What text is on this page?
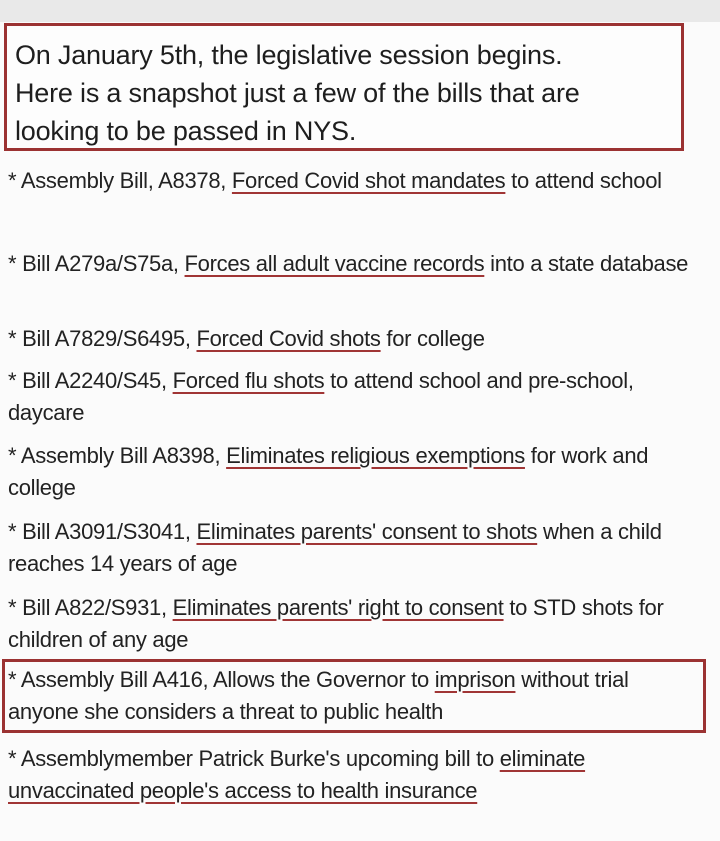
On January 5th, the legislative session begins.
Here is a snapshot just a few of the bills that are
looking to be passed in NYS.
* Assembly Bill, A8378, Forced Covid shot mandates to attend school
* Bill A279a/S75a, Forces all adult vaccine records into a state database
* Bill A7829/S6495, Forced Covid shots for college
* Bill A2240/S45, Forced flu shots to attend school and pre-school, daycare
* Assembly Bill A8398, Eliminates religious exemptions for work and college
* Bill A3091/S3041, Eliminates parents' consent to shots when a child reaches 14 years of age
* Bill A822/S931, Eliminates parents' right to consent to STD shots for children of any age
* Assembly Bill A416, Allows the Governor to imprison without trial anyone she considers a threat to public health
* Assemblymember Patrick Burke's upcoming bill to eliminate unvaccinated people's access to health insurance
